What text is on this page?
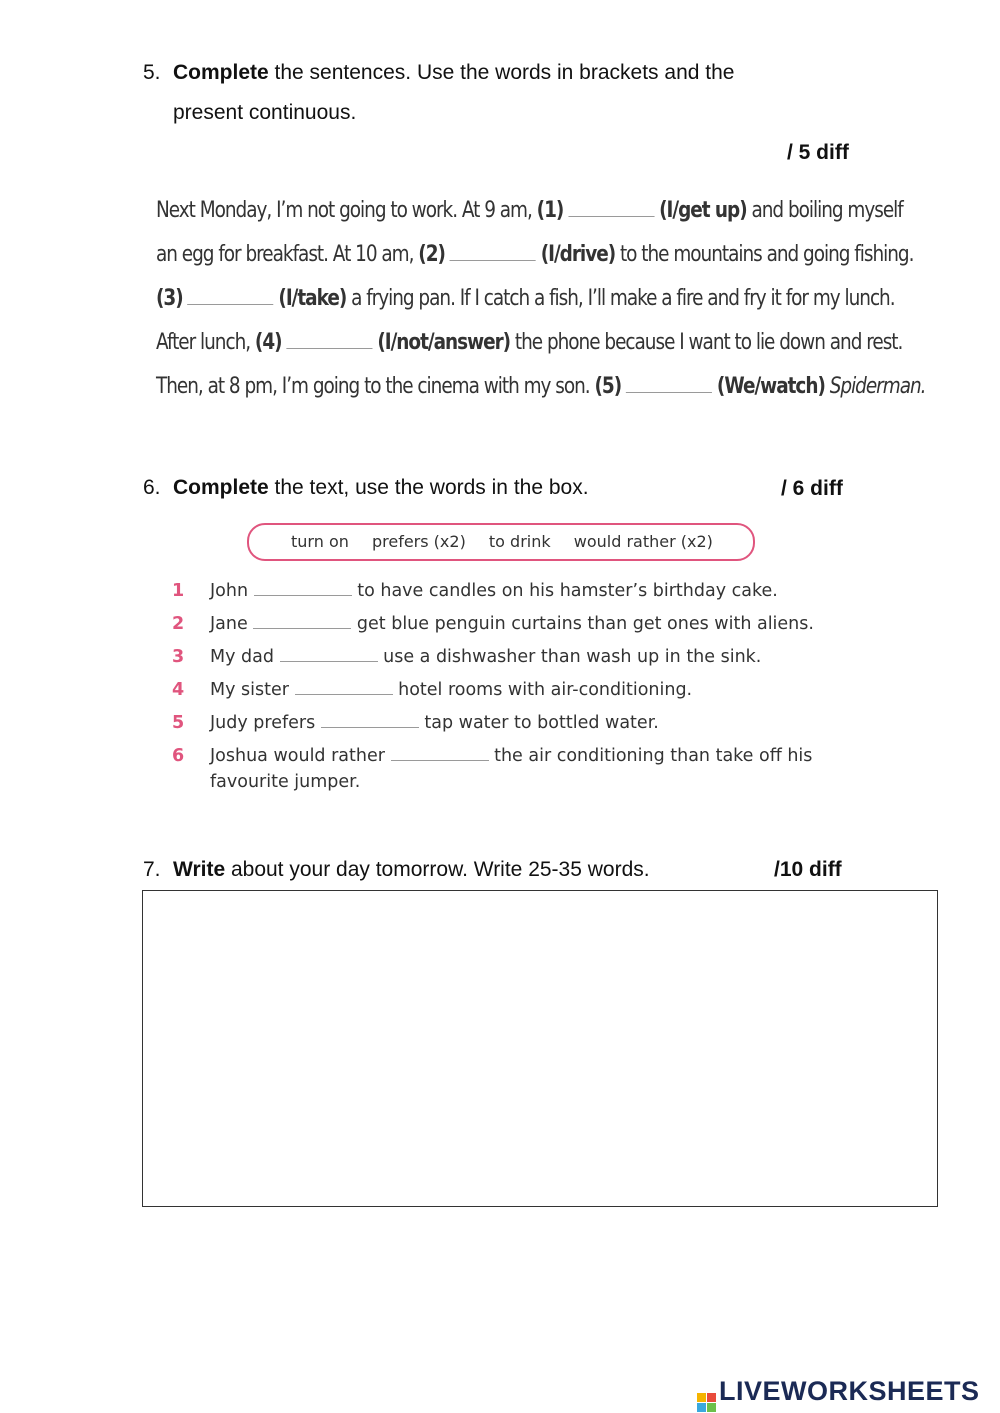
5. Complete the sentences. Use the words in brackets and the
present continuous.
/ 5 diff
Next Monday, I’m not going to work. At 9 am, (1)	(I/get up) and boiling myself
an egg for breakfast. At 10 am, (2)	(I/drive) to the mountains and going fishing.
(3)	(I/take) a frying pan. If I catch a fish, I’ll make a fire and fry it for my lunch.
After lunch, (4)	(I/not/answer) the phone because I want to lie down and rest.
Then, at 8 pm, I’m going to the cinema with my son. (5)	(We/watch) Spiderman.
6. Complete the text, use the words in the box.	/ 6 diff
turn on prefers (x2) to drink would rather (x2)
1 John	to have candles on his hamster’s birthday cake.
2 Jane	get blue penguin curtains than get ones with aliens.
3 My dad	use a dishwasher than wash up in the sink.
4 My sister	hotel rooms with air-conditioning.
5 Judy prefers	tap water to bottled water.
6 Joshua would rather	the air conditioning than take off his
favourite jumper.
7. Write about your day tomorrow. Write 25-35 words.	/10 diff
LIVEWORKSHEETS
